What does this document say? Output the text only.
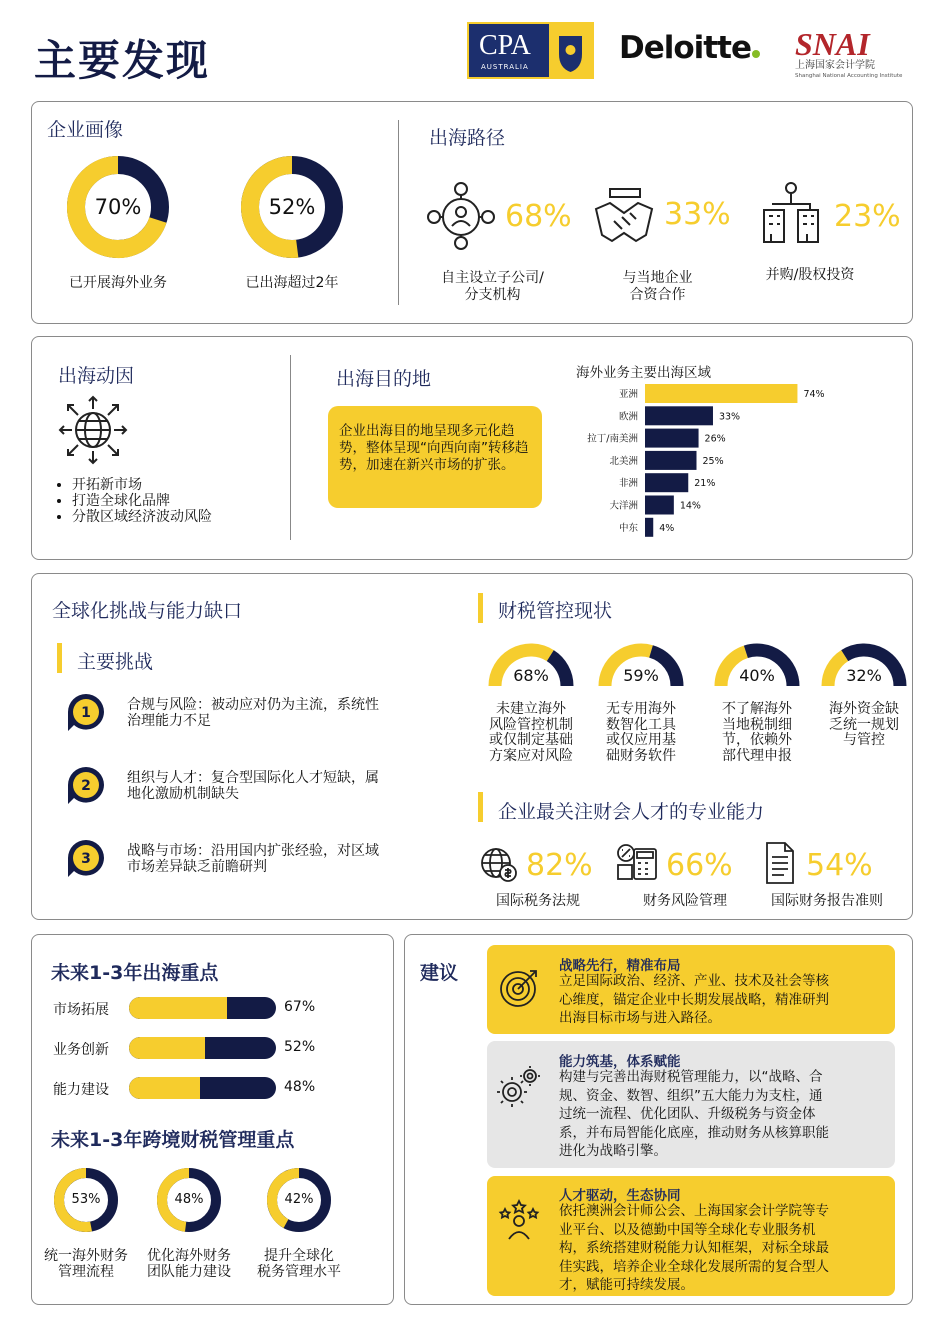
主要发现	CPA
AUSTRALIA
Deloitte SNAI
上海国家会计学院
Shanghai National Accounting Institute
企业画像
70%
已开展海外业务
52%
已出海超过2年
出海路径
68%	33%	23%
自主设立子公司/
分支机构
与当地企业
合资合作
并购/股权投资
出海动因
• 开拓新市场
• 打造全球化品牌
• 分散区域经济波动风险
出海目的地
企业出海目的地呈现多元化趋势，整体呈现“向西向南”转移趋势，加速在新兴市场的扩张。
海外业务主要出海区域
亚洲	74%
欧洲	33%
拉丁/南美洲	26%
北美洲	25%
非洲	21%
大洋洲	14%
中东 4%
全球化挑战与能力缺口
主要挑战
1	合规与风险：被动应对仍为主流，系统性
治理能力不足
2	组织与人才：复合型国际化人才短缺，属
地化激励机制缺失
3	战略与市场：沿用国内扩张经验，对区域
市场差异缺乏前瞻研判
财税管控现状
68%
未建立海外
风险管控机制
或仅制定基础
方案应对风险
59%
无专用海外
数智化工具
或仅应用基
础财务软件
40%
不了解海外
当地税制细
节，依赖外
部代理申报
32%
海外资金缺
乏统一规划
与管控
企业最关注财会人才的专业能力
82% 66% 54%
国际税务法规	财务风险管理	国际财务报告准则
未来1-3年出海重点
市场拓展	67%
业务创新	52%
能力建设	48%
未来1-3年跨境财税管理重点
53%
统一海外财务
管理流程
48%
优化海外财务
团队能力建设
42%
提升全球化
税务管理水平
建议	战略先行，精准布局
立足国际政治、经济、产业、技术及社会等核
心维度，锚定企业中长期发展战略，精准研判
出海目标市场与进入路径。
能力筑基，体系赋能
构建与完善出海财税管理能力，以“战略、合
规、资金、数智、组织”五大能力为支柱，通
过统一流程、优化团队、升级税务与资金体
系，并布局智能化底座，推动财务从核算职能
进化为战略引擎。
人才驱动，生态协同
依托澳洲会计师公会、上海国家会计学院等专
业平台、以及德勤中国等全球化专业服务机
构，系统搭建财税能力认知框架，对标全球最
佳实践，培养企业全球化发展所需的复合型人
才，赋能可持续发展。
